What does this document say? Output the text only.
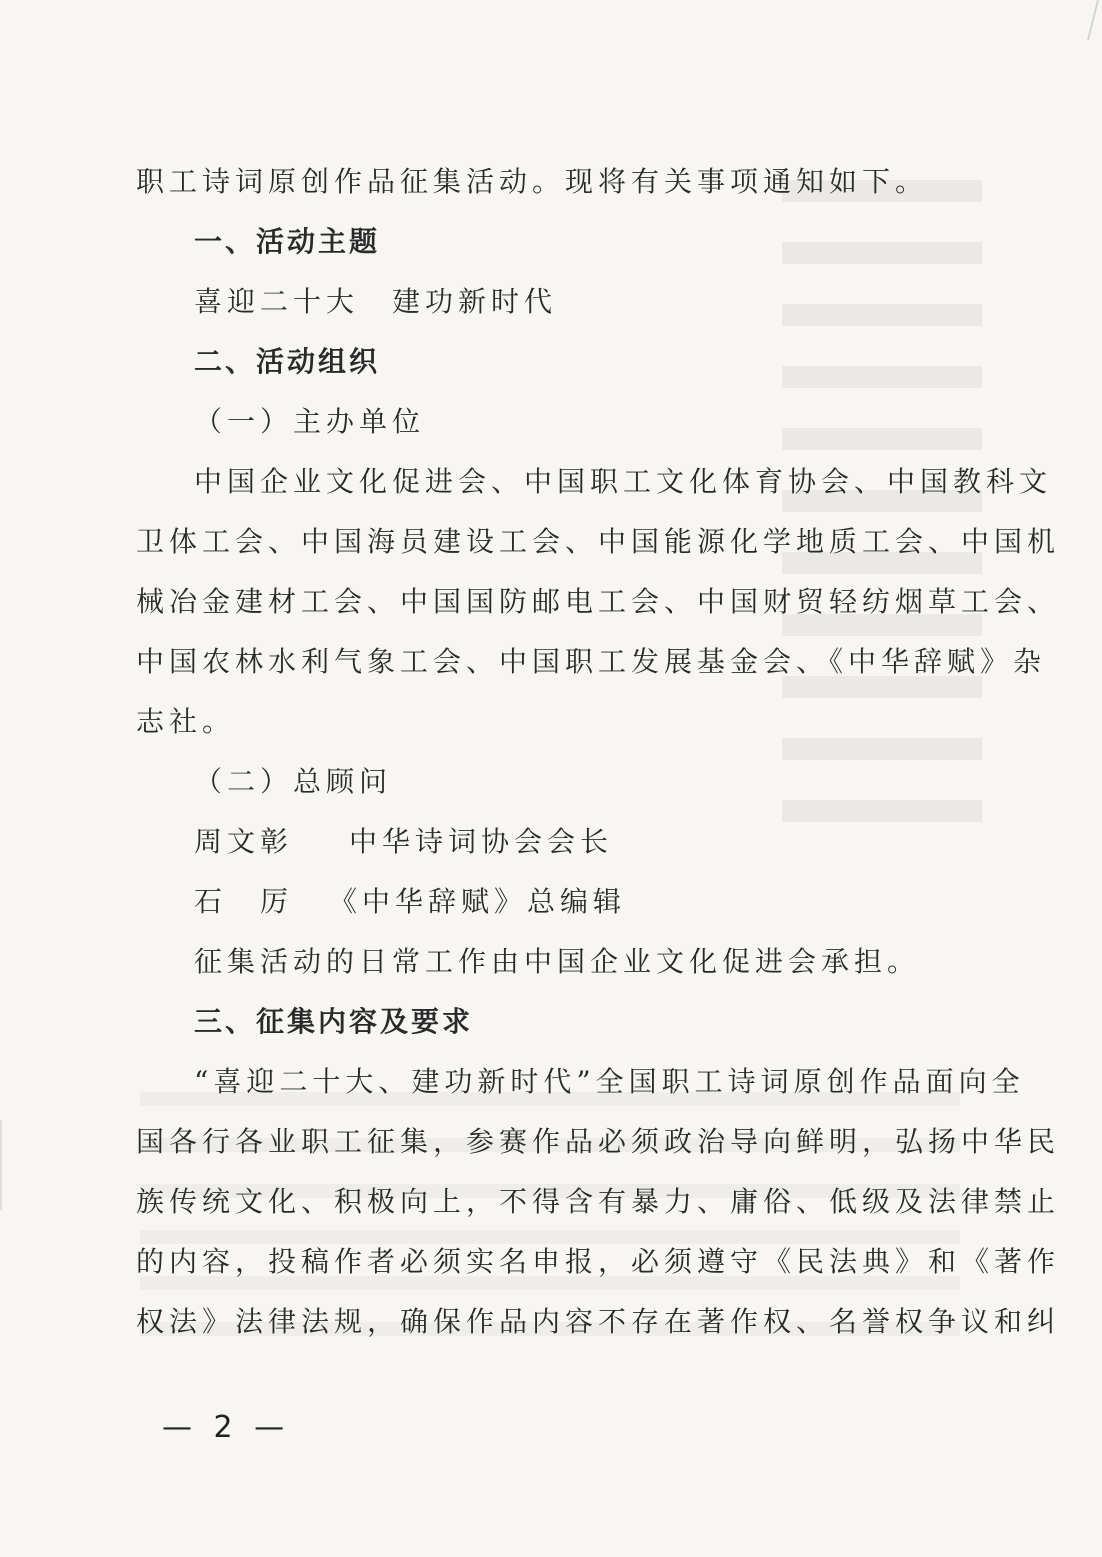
职工诗词原创作品征集活动。现将有关事项通知如下。
一、活动主题
喜迎二十大　建功新时代
二、活动组织
（一）主办单位
中国企业文化促进会、中国职工文化体育协会、中国教科文
卫体工会、中国海员建设工会、中国能源化学地质工会、中国机
械冶金建材工会、中国国防邮电工会、中国财贸轻纺烟草工会、
中国农林水利气象工会、中国职工发展基金会、《中华辞赋》杂
志社。
（二）总顾问
周文彰 中华诗词协会会长
石　厉 《中华辞赋》总编辑
征集活动的日常工作由中国企业文化促进会承担。
三、征集内容及要求
“喜迎二十大、建功新时代”全国职工诗词原创作品面向全
国各行各业职工征集，参赛作品必须政治导向鲜明，弘扬中华民
族传统文化、积极向上，不得含有暴力、庸俗、低级及法律禁止
的内容，投稿作者必须实名申报，必须遵守《民法典》和《著作
权法》法律法规，确保作品内容不存在著作权、名誉权争议和纠
— 2 —
